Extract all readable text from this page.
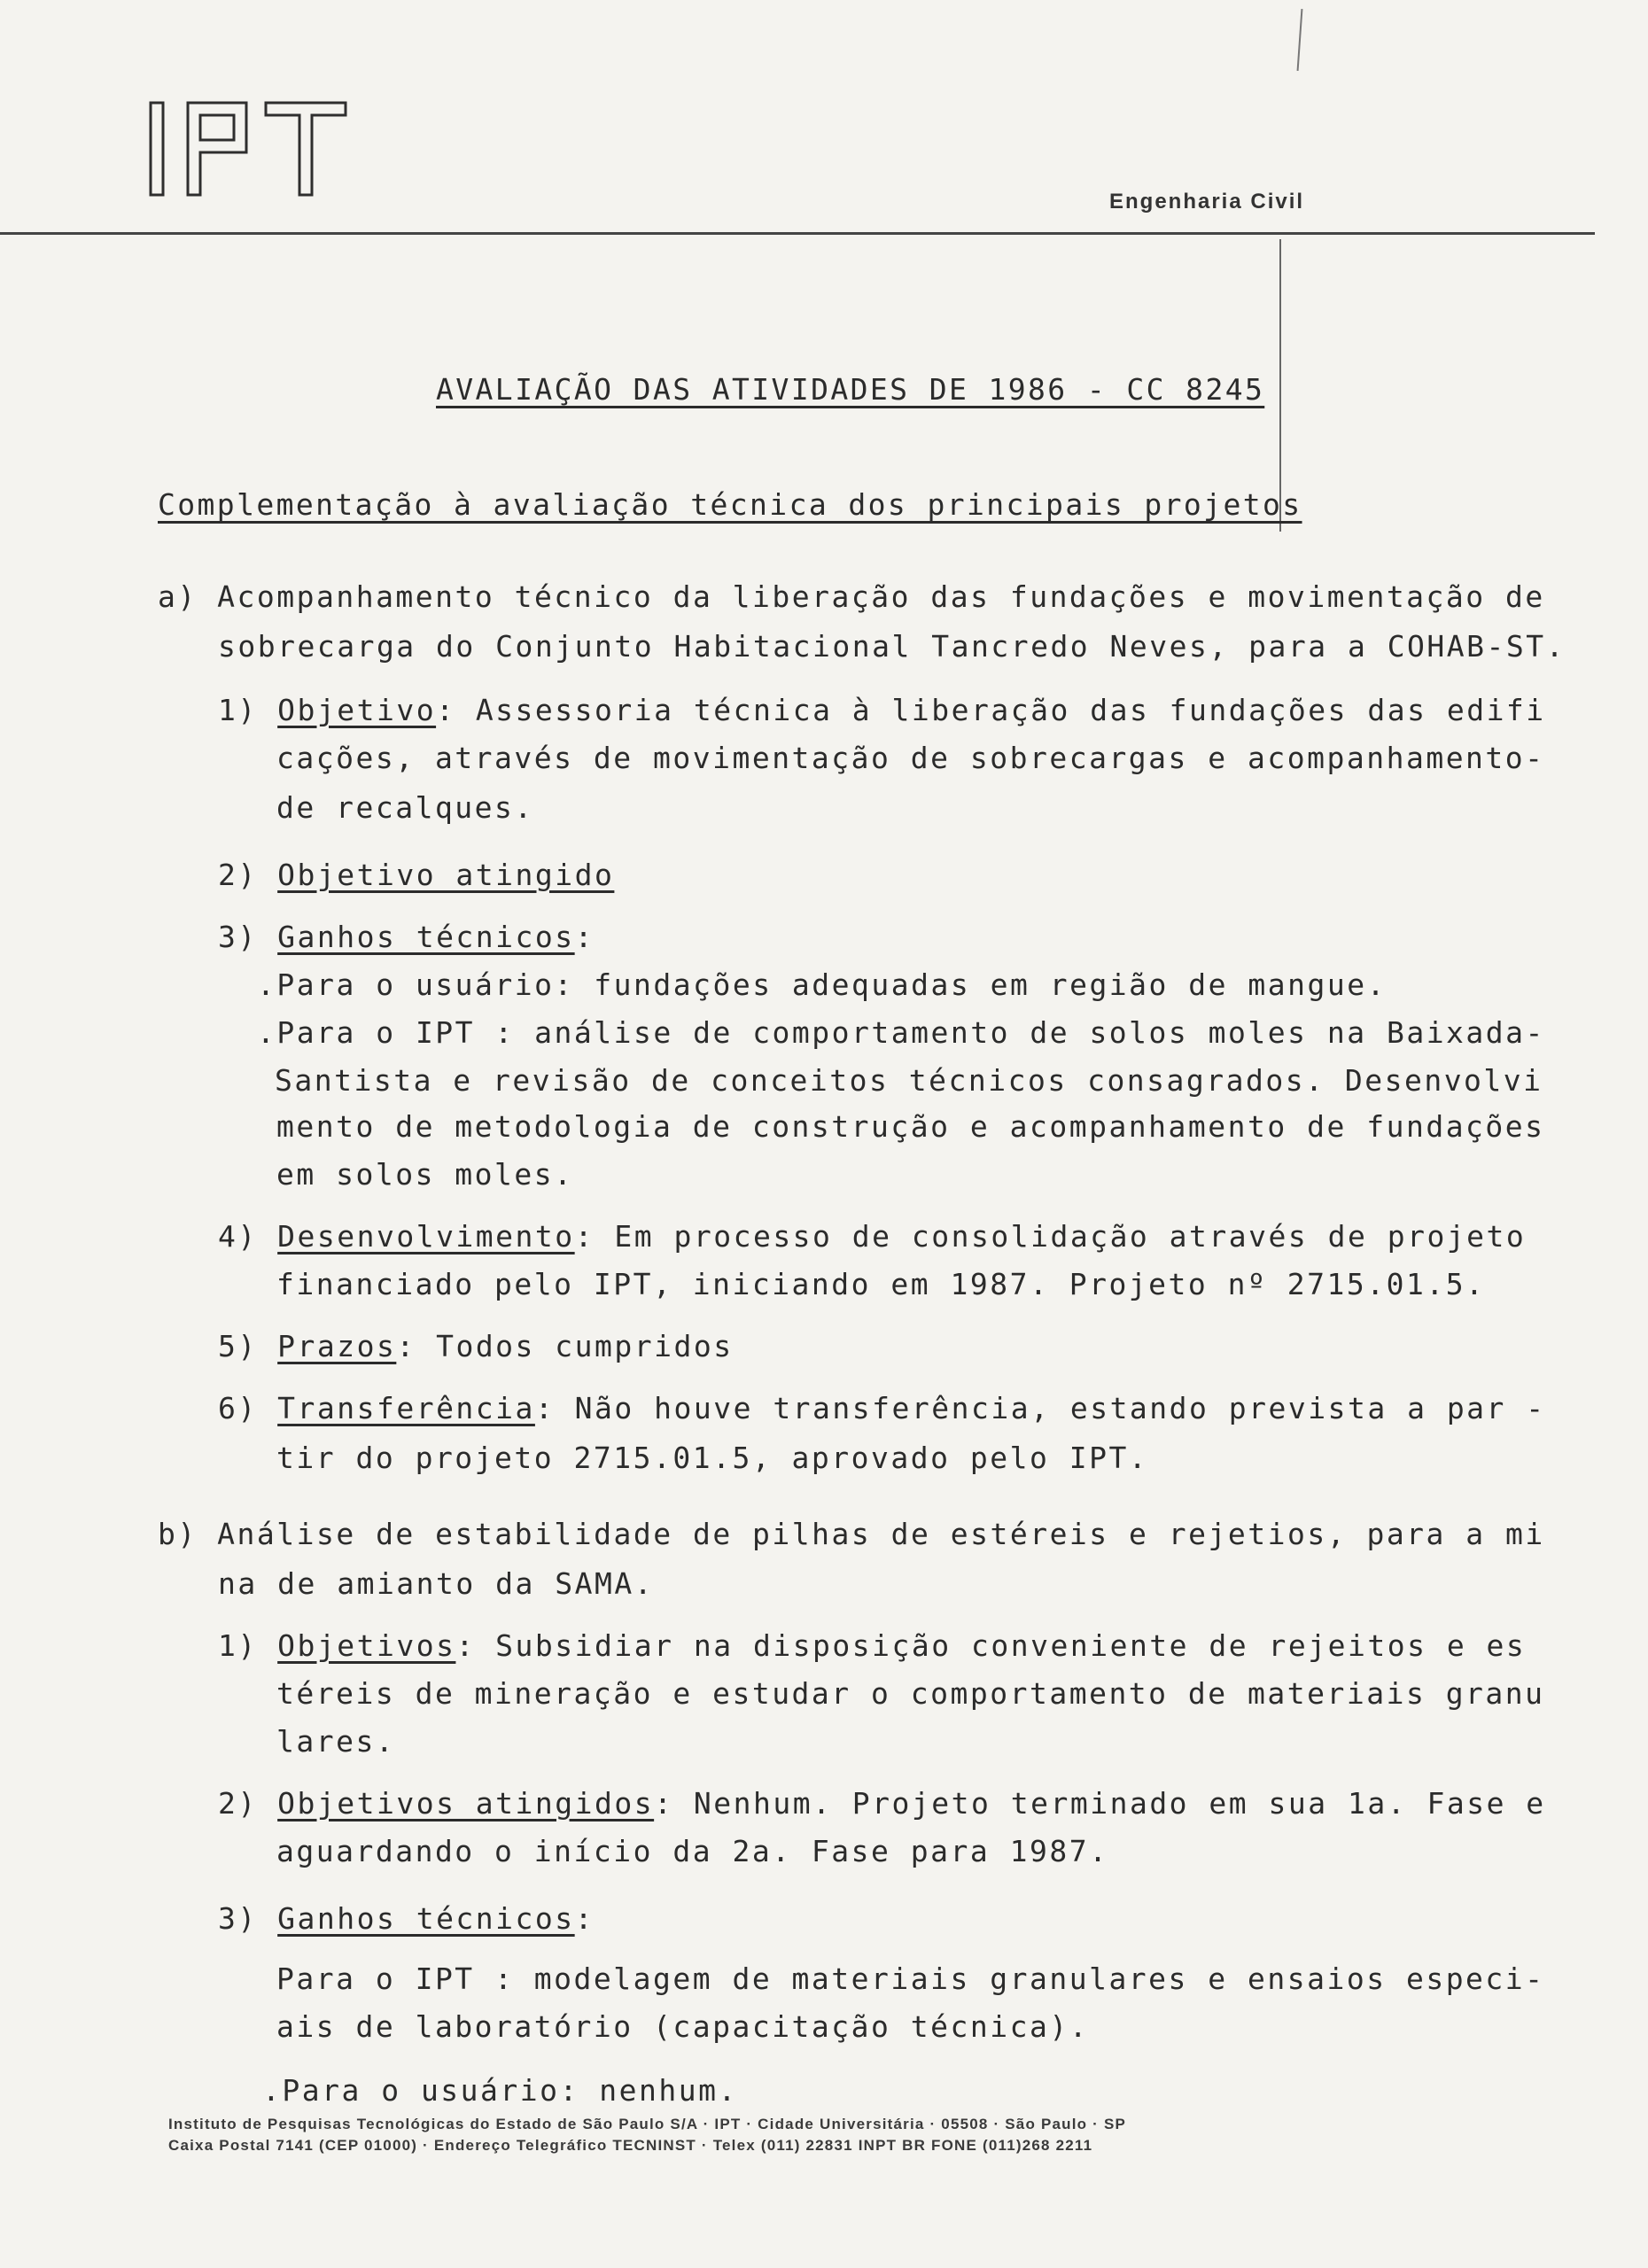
Engenharia Civil
AVALIAÇÃO DAS ATIVIDADES DE 1986 - CC 8245
Complementação à avaliação técnica dos principais projetos
a) Acompanhamento técnico da liberação das fundações e movimentação de
sobrecarga do Conjunto Habitacional Tancredo Neves, para a COHAB-ST.
1) Objetivo: Assessoria técnica à liberação das fundações das edifi
cações, através de movimentação de sobrecargas e acompanhamento-
de recalques.
2) Objetivo atingido
3) Ganhos técnicos:
.Para o usuário: fundações adequadas em região de mangue.
.Para o IPT : análise de comportamento de solos moles na Baixada-
Santista e revisão de conceitos técnicos consagrados. Desenvolvi
mento de metodologia de construção e acompanhamento de fundações
em solos moles.
4) Desenvolvimento: Em processo de consolidação através de projeto
financiado pelo IPT, iniciando em 1987. Projeto nº 2715.01.5.
5) Prazos: Todos cumpridos
6) Transferência: Não houve transferência, estando prevista a par -
tir do projeto 2715.01.5, aprovado pelo IPT.
b) Análise de estabilidade de pilhas de estéreis e rejetios, para a mi
na de amianto da SAMA.
1) Objetivos: Subsidiar na disposição conveniente de rejeitos e es
téreis de mineração e estudar o comportamento de materiais granu
lares.
2) Objetivos atingidos: Nenhum. Projeto terminado em sua 1a. Fase e
aguardando o início da 2a. Fase para 1987.
3) Ganhos técnicos:
Para o IPT : modelagem de materiais granulares e ensaios especi-
ais de laboratório (capacitação técnica).
.Para o usuário: nenhum.
Instituto de Pesquisas Tecnológicas do Estado de São Paulo S/A · IPT · Cidade Universitária · 05508 · São Paulo · SP
Caixa Postal 7141 (CEP 01000) · Endereço Telegráfico TECNINST · Telex (011) 22831 INPT BR FONE (011)268 2211
